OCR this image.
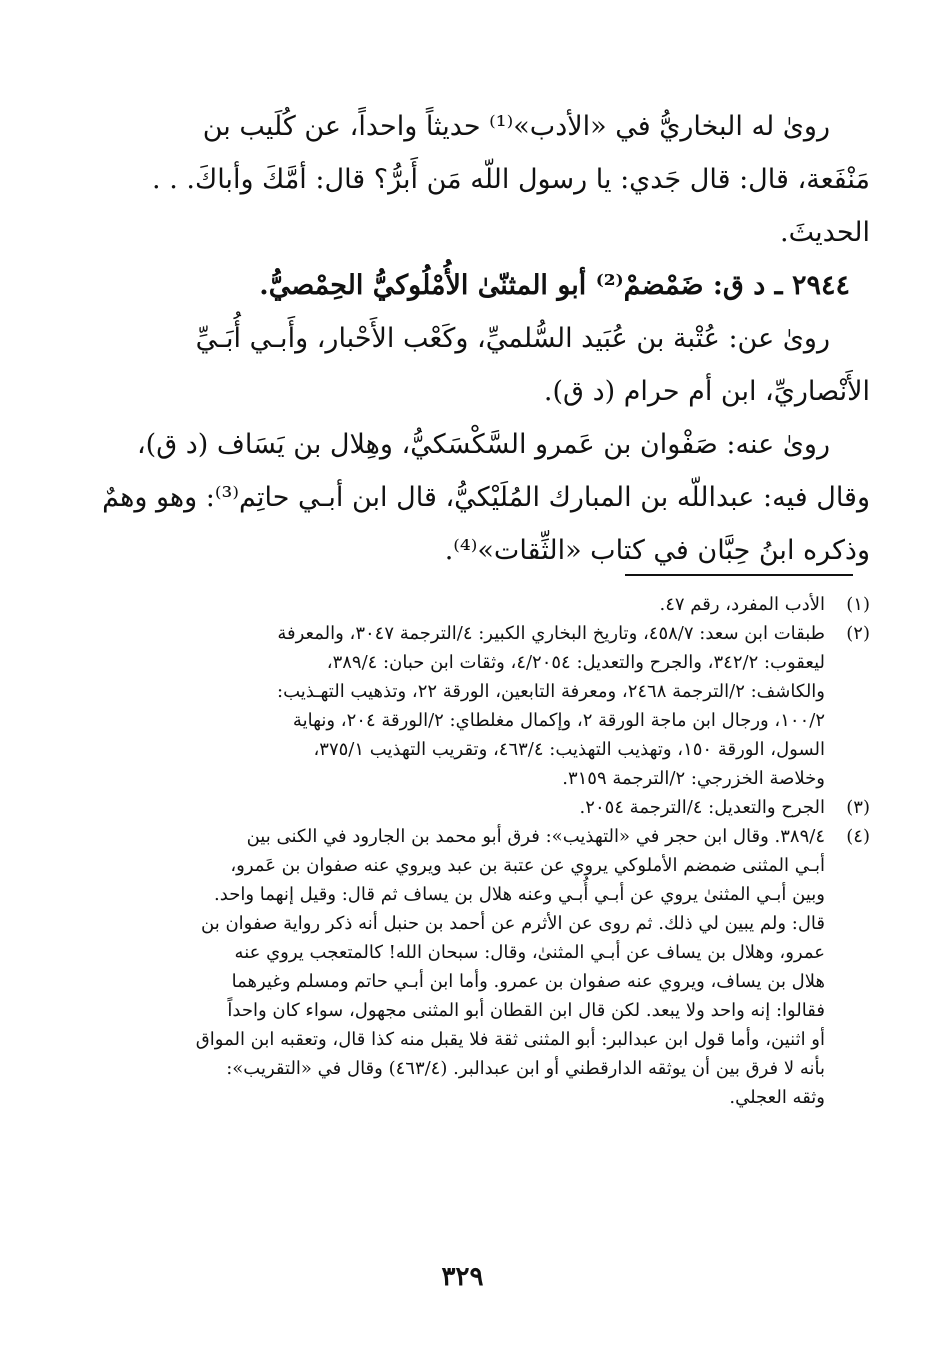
رویٰ له البخاريُّ في «الأدب»⁽¹⁾ حديثاً واحداً، عن كُلَيب بن
مَنْفَعة، قال: قال جَدي: يا رسول اللّه مَن أَبرُّ؟ قال: أمَّكَ وأباكَ. . .
الحديثَ.
٢٩٤٤ ـ د ق: ضَمْضمْ⁽²⁾ أبو المثنّىٰ الأُمْلُوكيُّ الحِمْصيُّ.
رویٰ عن: عُتْبة بن عُبَيد السُّلميِّ، وكَعْب الأَحْبار، وأَبـي أُبَـيِّ
الأَنْصاريِّ، ابن أم حرام (د ق).
رویٰ عنه: صَفْوان بن عَمرو السَّكْسَكيُّ، وهِلال بن يَسَاف (د ق)،
وقال فيه: عبداللّه بن المبارك المُلَيْكيُّ، قال ابن أبـي حاتِم⁽³⁾: وهو وهمٌ
وذكره ابنُ حِبَّان في كتاب «الثِّقات»⁽⁴⁾.
(١)
الأدب المفرد، رقم ٤٧.
(٢)
طبقات ابن سعد: ٤٥٨/٧، وتاريخ البخاري الكبير: ٤/الترجمة ٣٠٤٧، والمعرفة
ليعقوب: ٣٤٢/٢، والجرح والتعديل: ٤/٢٠٥٤، وثقات ابن حبان: ٣٨٩/٤،
والكاشف: ٢/الترجمة ٢٤٦٨، ومعرفة التابعين، الورقة ٢٢، وتذهيب التهـذيب:
١٠٠/٢، ورجال ابن ماجة الورقة ٢، وإكمال مغلطاي: ٢/الورقة ٢٠٤، ونهاية
السول، الورقة ١٥٠، وتهذيب التهذيب: ٤٦٣/٤، وتقريب التهذيب ٣٧٥/١،
وخلاصة الخزرجي: ٢/الترجمة ٣١٥٩.
(٣)
الجرح والتعديل: ٤/الترجمة ٢٠٥٤.
(٤)
٣٨٩/٤. وقال ابن حجر في «التهذيب»: فرق أبو محمد بن الجارود في الكنى بين
أبـي المثنى ضمضم الأملوكي يروي عن عتبة بن عبد ويروي عنه صفوان بن عَمرو،
وبين أبـي المثنىٰ يروي عن أبـي أُبـي وعنه هلال بن يساف ثم قال: وقيل إنهما واحد.
قال: ولم يبين لي ذلك. ثم روى عن الأثرم عن أحمد بن حنبل أنه ذكر رواية صفوان بن
عمرو، وهلال بن يساف عن أبـي المثنىٰ، وقال: سبحان الله! كالمتعجب يروي عنه
هلال بن يساف، ويروي عنه صفوان بن عمرو. وأما ابن أبـي حاتم ومسلم وغيرهما
فقالوا: إنه واحد ولا يبعد. لكن قال ابن القطان أبو المثنى مجهول، سواء كان واحداً
أو اثنين، وأما قول ابن عبدالبر: أبو المثنى ثقة فلا يقبل منه كذا قال، وتعقبه ابن المواق
بأنه لا فرق بين أن يوثقه الدارقطني أو ابن عبدالبر. (٤٦٣/٤) وقال في «التقريب»:
وثقه العجلي.
٣٢٩
